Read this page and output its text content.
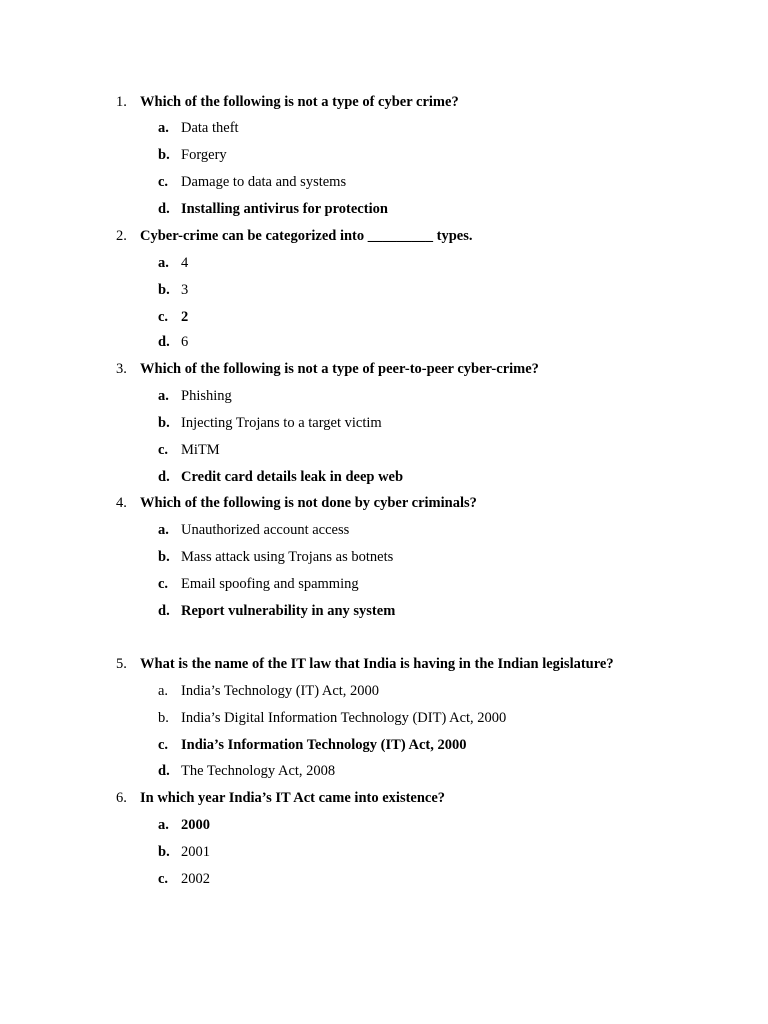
1. Which of the following is not a type of cyber crime?
a. Data theft
b. Forgery
c. Damage to data and systems
d. Installing antivirus for protection
2. Cyber-crime can be categorized into _________ types.
a. 4
b. 3
c. 2
d. 6
3. Which of the following is not a type of peer-to-peer cyber-crime?
a. Phishing
b. Injecting Trojans to a target victim
c. MiTM
d. Credit card details leak in deep web
4. Which of the following is not done by cyber criminals?
a. Unauthorized account access
b. Mass attack using Trojans as botnets
c. Email spoofing and spamming
d. Report vulnerability in any system
5. What is the name of the IT law that India is having in the Indian legislature?
a. India’s Technology (IT) Act, 2000
b. India’s Digital Information Technology (DIT) Act, 2000
c. India’s Information Technology (IT) Act, 2000
d. The Technology Act, 2008
6. In which year India’s IT Act came into existence?
a. 2000
b. 2001
c. 2002
